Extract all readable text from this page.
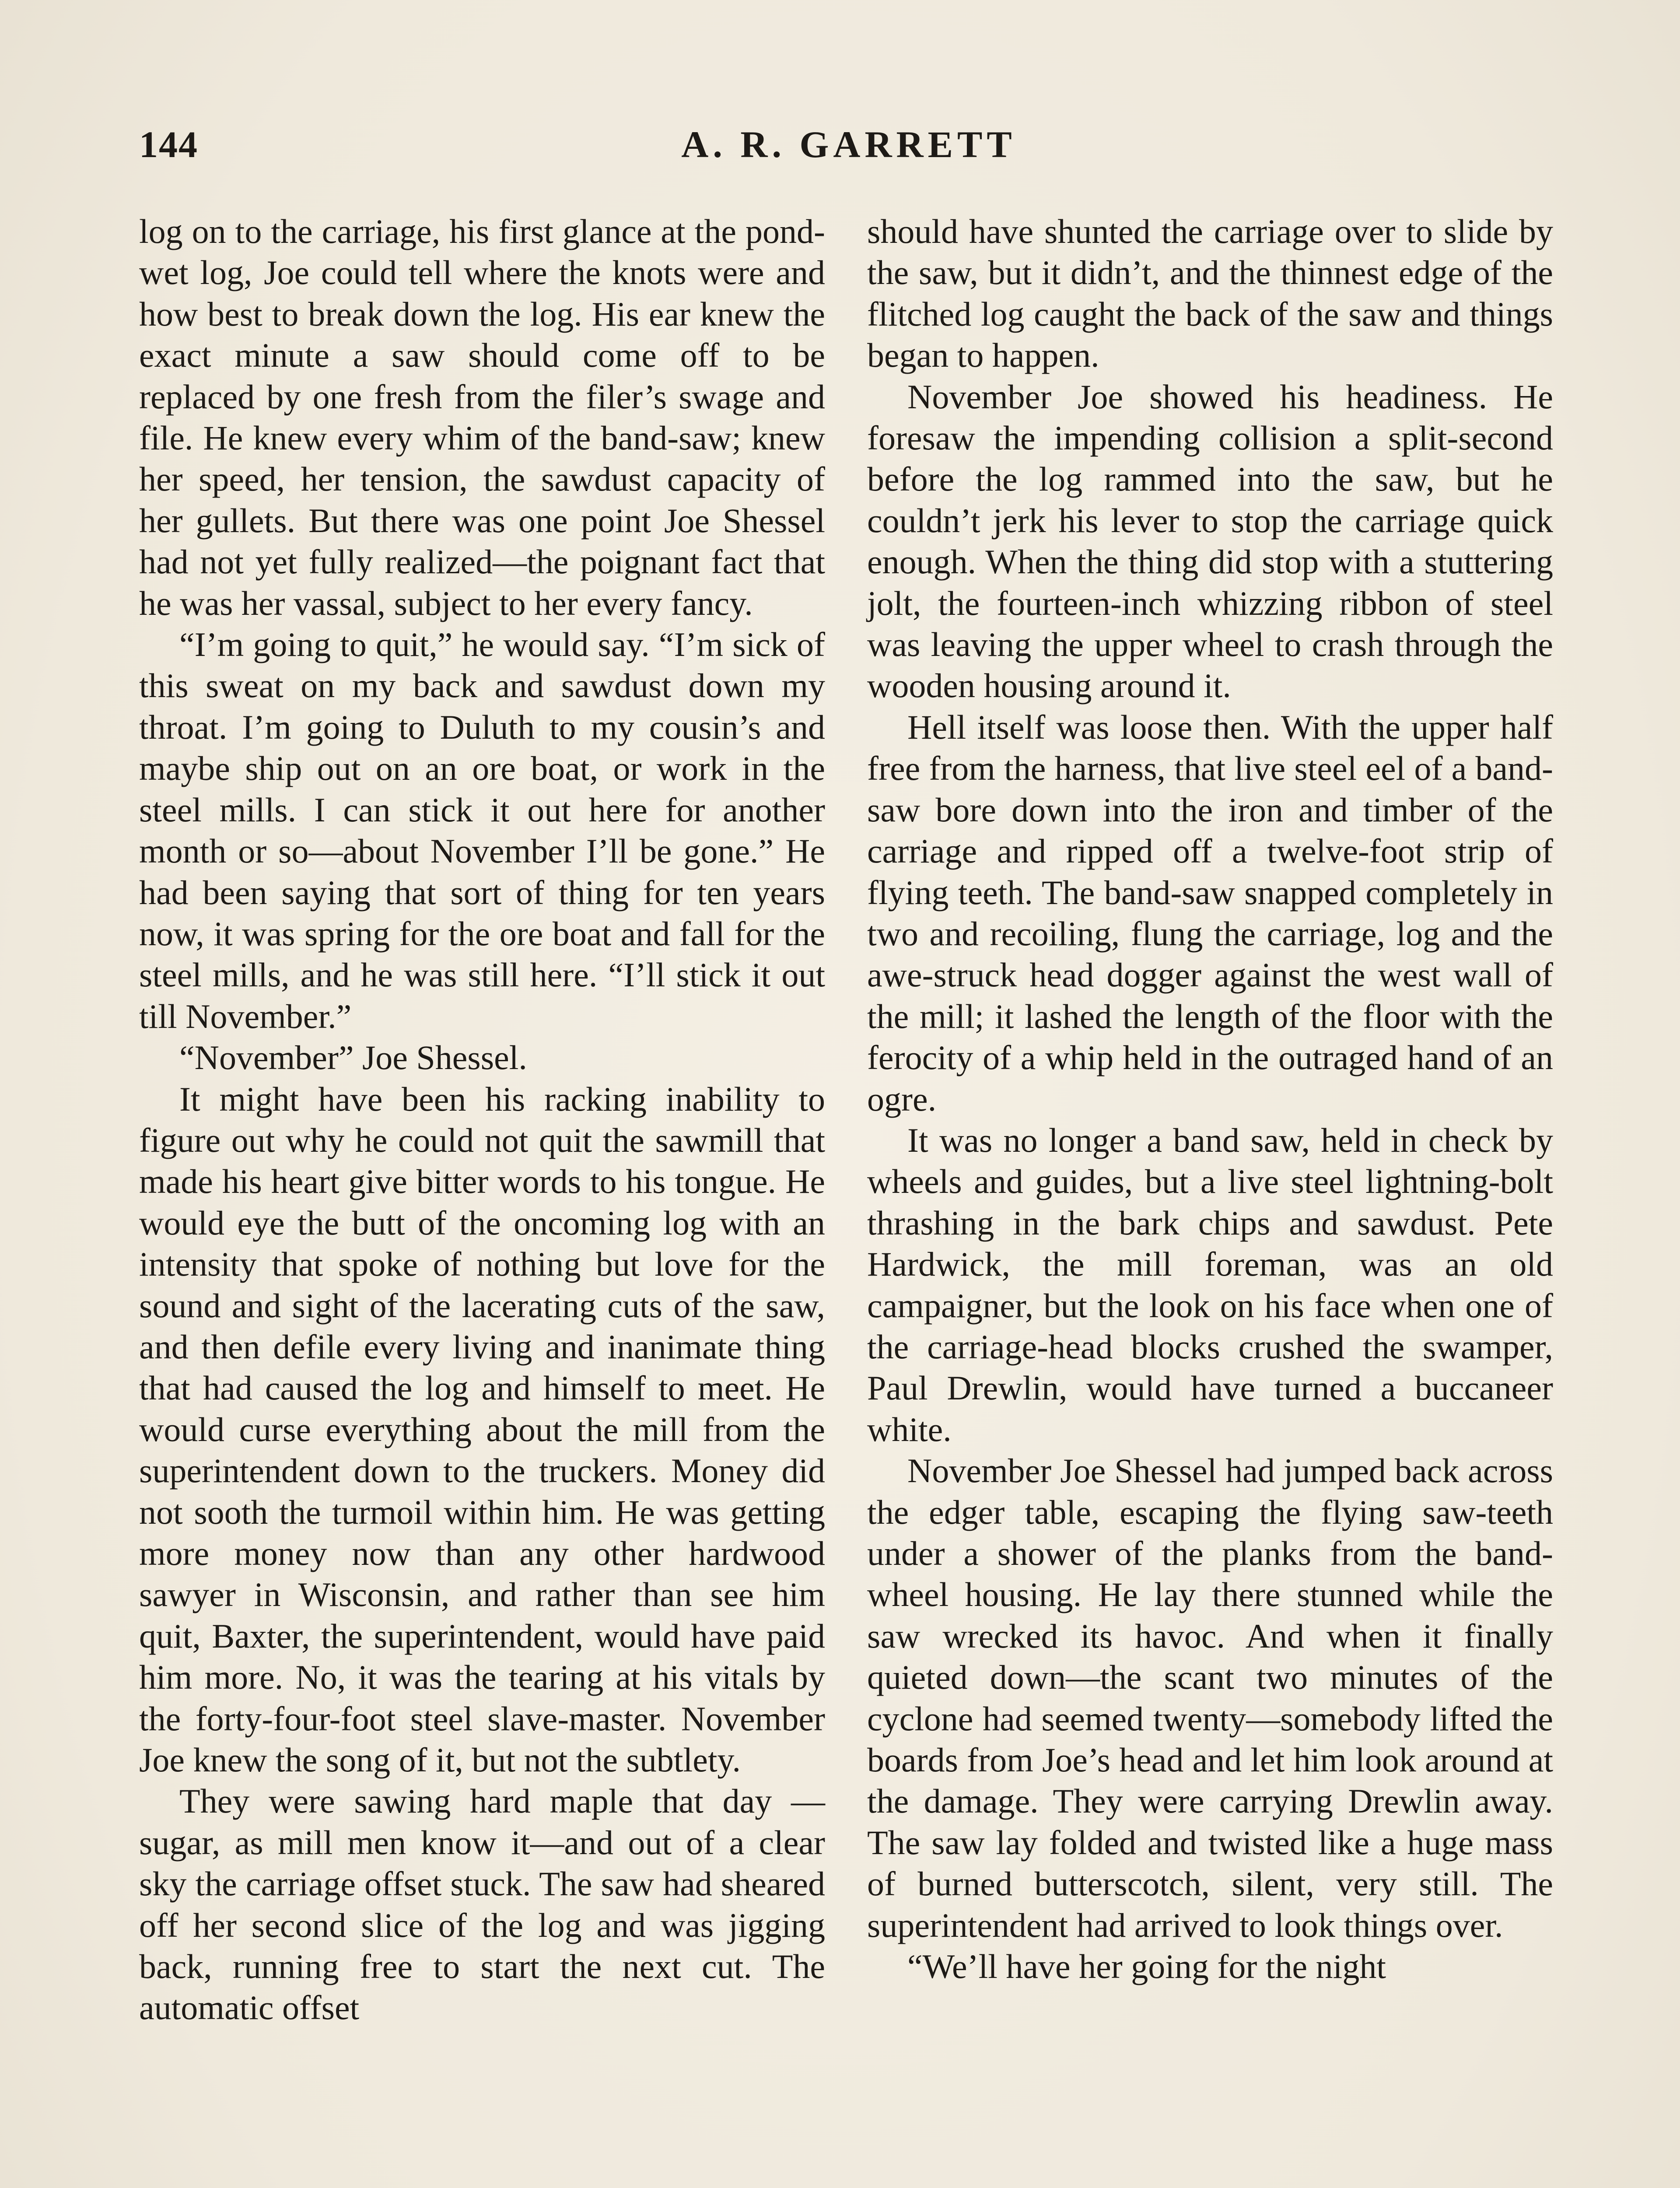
144	A. R. GARRETT

log on to the carriage, his first glance at the pond-wet log, Joe could tell where the knots were and how best to break down the log. His ear knew the exact minute a saw should come off to be replaced by one fresh from the filer’s swage and file. He knew every whim of the band-saw; knew her speed, her tension, the sawdust capacity of her gullets. But there was one point Joe Shessel had not yet fully realized—the poignant fact that he was her vassal, subject to her every fancy.

“I’m going to quit,” he would say. “I’m sick of this sweat on my back and sawdust down my throat. I’m going to Duluth to my cousin’s and maybe ship out on an ore boat, or work in the steel mills. I can stick it out here for another month or so—about November I’ll be gone.” He had been saying that sort of thing for ten years now, it was spring for the ore boat and fall for the steel mills, and he was still here. “I’ll stick it out till November.”

“November” Joe Shessel.

It might have been his racking inability to figure out why he could not quit the sawmill that made his heart give bitter words to his tongue. He would eye the butt of the oncoming log with an intensity that spoke of nothing but love for the sound and sight of the lacerating cuts of the saw, and then defile every living and inanimate thing that had caused the log and himself to meet. He would curse everything about the mill from the superintendent down to the truckers. Money did not sooth the turmoil within him. He was getting more money now than any other hardwood sawyer in Wisconsin, and rather than see him quit, Baxter, the superintendent, would have paid him more. No, it was the tearing at his vitals by the forty-four-foot steel slave-master. November Joe knew the song of it, but not the subtlety.

They were sawing hard maple that day —sugar, as mill men know it—and out of a clear sky the carriage offset stuck. The saw had sheared off her second slice of the log and was jigging back, running free to start the next cut. The automatic offset

should have shunted the carriage over to slide by the saw, but it didn’t, and the thinnest edge of the flitched log caught the back of the saw and things began to happen.

November Joe showed his headiness. He foresaw the impending collision a split-second before the log rammed into the saw, but he couldn’t jerk his lever to stop the carriage quick enough. When the thing did stop with a stuttering jolt, the fourteen-inch whizzing ribbon of steel was leaving the upper wheel to crash through the wooden housing around it.

Hell itself was loose then. With the upper half free from the harness, that live steel eel of a band-saw bore down into the iron and timber of the carriage and ripped off a twelve-foot strip of flying teeth. The band-saw snapped completely in two and recoiling, flung the carriage, log and the awe-struck head dogger against the west wall of the mill; it lashed the length of the floor with the ferocity of a whip held in the outraged hand of an ogre.

It was no longer a band saw, held in check by wheels and guides, but a live steel lightning-bolt thrashing in the bark chips and sawdust. Pete Hardwick, the mill foreman, was an old campaigner, but the look on his face when one of the carriage-head blocks crushed the swamper, Paul Drewlin, would have turned a buccaneer white.

November Joe Shessel had jumped back across the edger table, escaping the flying saw-teeth under a shower of the planks from the band-wheel housing. He lay there stunned while the saw wrecked its havoc. And when it finally quieted down—the scant two minutes of the cyclone had seemed twenty—somebody lifted the boards from Joe’s head and let him look around at the damage. They were carrying Drewlin away. The saw lay folded and twisted like a huge mass of burned butterscotch, silent, very still. The superintendent had arrived to look things over.

“We’ll have her going for the night
